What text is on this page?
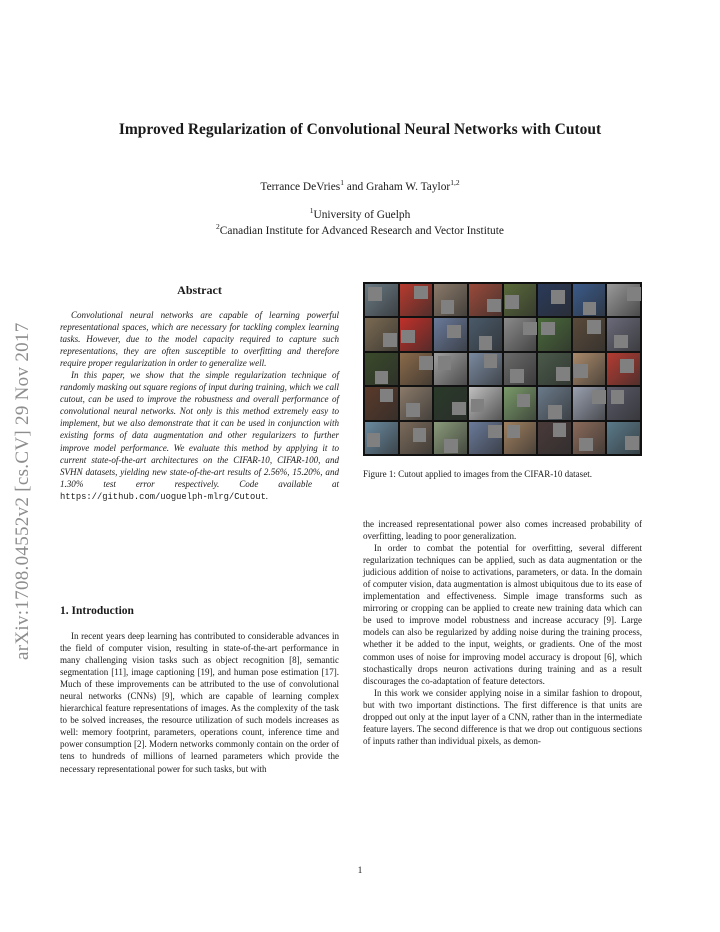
arXiv:1708.04552v2 [cs.CV] 29 Nov 2017
Improved Regularization of Convolutional Neural Networks with Cutout
Terrance DeVries$^1$ and Graham W. Taylor$^{1,2}$
$^1$University of Guelph
$^2$Canadian Institute for Advanced Research and Vector Institute
Abstract

Convolutional neural networks are capable of learning powerful representational spaces, which are necessary for tackling complex learning tasks. However, due to the model capacity required to capture such representations, they are often susceptible to overfitting and therefore require proper regularization in order to generalize well.

In this paper, we show that the simple regularization technique of randomly masking out square regions of input during training, which we call cutout, can be used to improve the robustness and overall performance of convolutional neural networks. Not only is this method extremely easy to implement, but we also demonstrate that it can be used in conjunction with existing forms of data augmentation and other regularizers to further improve model performance. We evaluate this method by applying it to current state-of-the-art architectures on the CIFAR-10, CIFAR-100, and SVHN datasets, yielding new state-of-the-art results of 2.56%, 15.20%, and 1.30% test error respectively. Code available at https://github.com/uoguelph-mlrg/Cutout.

1. Introduction

In recent years deep learning has contributed to considerable advances in the field of computer vision, resulting in state-of-the-art performance in many challenging vision tasks such as object recognition [8], semantic segmentation [11], image captioning [19], and human pose estimation [17]. Much of these improvements can be attributed to the use of convolutional neural networks (CNNs) [9], which are capable of learning complex hierarchical feature representations of images. As the complexity of the task to be solved increases, the resource utilization of such models increases as well: memory footprint, parameters, operations count, inference time and power consumption [2]. Modern networks commonly contain on the order of tens to hundreds of millions of learned parameters which provide the necessary representational power for such tasks, but with

Figure 1: Cutout applied to images from the CIFAR-10 dataset.

the increased representational power also comes increased probability of overfitting, leading to poor generalization.

In order to combat the potential for overfitting, several different regularization techniques can be applied, such as data augmentation or the judicious addition of noise to activations, parameters, or data. In the domain of computer vision, data augmentation is almost ubiquitous due to its ease of implementation and effectiveness. Simple image transforms such as mirroring or cropping can be applied to create new training data which can be used to improve model robustness and increase accuracy [9]. Large models can also be regularized by adding noise during the training process, whether it be added to the input, weights, or gradients. One of the most common uses of noise for improving model accuracy is dropout [6], which stochastically drops neuron activations during training and as a result discourages the co-adaptation of feature detectors.

In this work we consider applying noise in a similar fashion to dropout, but with two important distinctions. The first difference is that units are dropped out only at the input layer of a CNN, rather than in the intermediate feature layers. The second difference is that we drop out contiguous sections of inputs rather than individual pixels, as demon-

1
